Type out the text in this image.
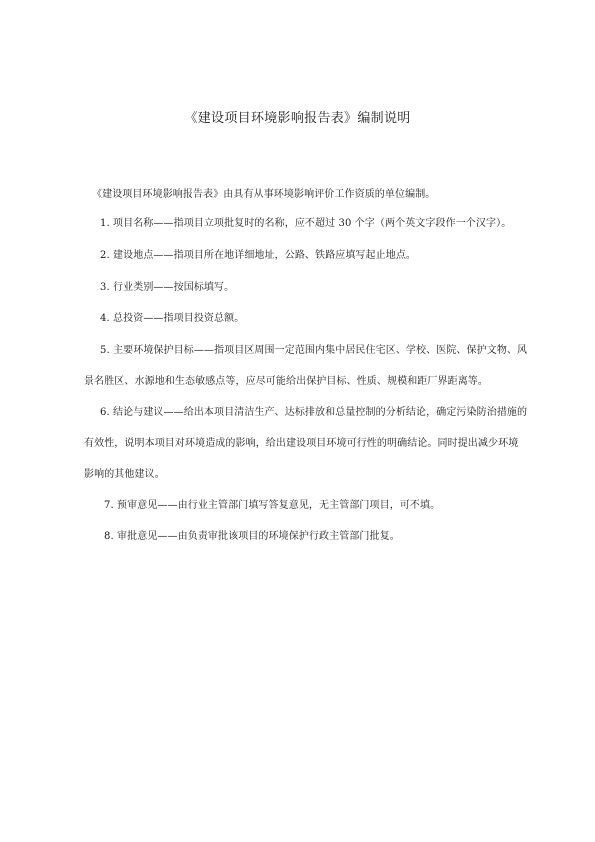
《建设项目环境影响报告表》编制说明
《建设项目环境影响报告表》由具有从事环境影响评价工作资质的单位编制。
1. 项目名称——指项目立项批复时的名称，应不超过 30 个字（两个英文字段作一个汉字）。
2. 建设地点——指项目所在地详细地址，公路、铁路应填写起止地点。
3. 行业类别——按国标填写。
4. 总投资——指项目投资总额。
5. 主要环境保护目标——指项目区周围一定范围内集中居民住宅区、学校、医院、保护文物、风
景名胜区、水源地和生态敏感点等，应尽可能给出保护目标、性质、规模和距厂界距离等。
6. 结论与建议——给出本项目清洁生产、达标排放和总量控制的分析结论，确定污染防治措施的
有效性，说明本项目对环境造成的影响，给出建设项目环境可行性的明确结论。同时提出减少环境
影响的其他建议。
7. 预审意见——由行业主管部门填写答复意见，无主管部门项目，可不填。
8. 审批意见——由负责审批该项目的环境保护行政主管部门批复。
